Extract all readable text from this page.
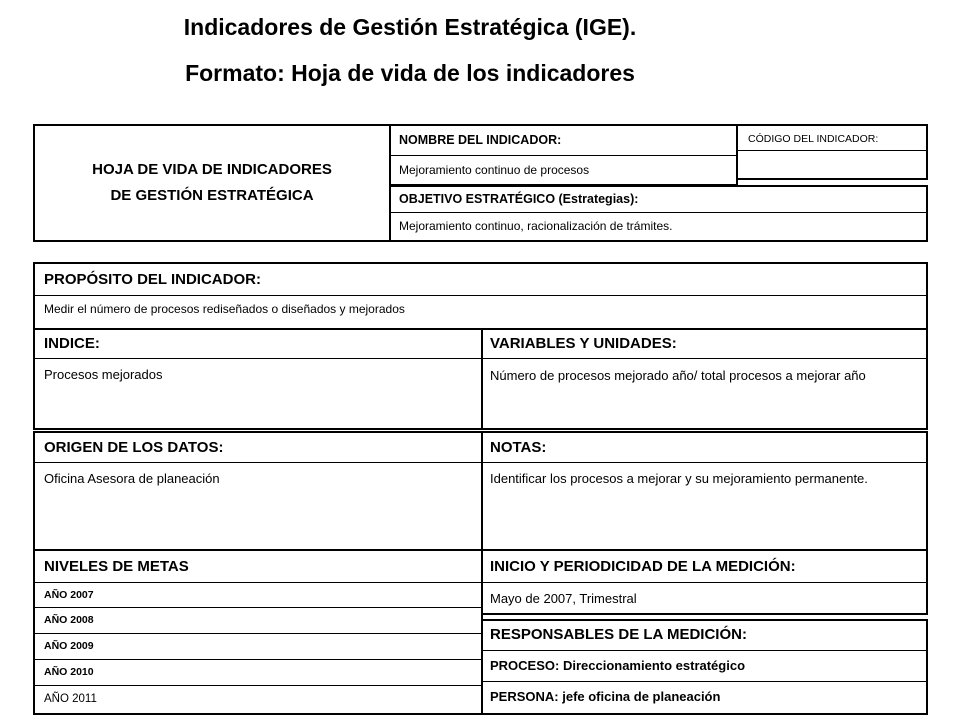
Indicadores de Gestión Estratégica (IGE).
Formato: Hoja de vida de los indicadores
HOJA DE VIDA DE INDICADORES
DE GESTIÓN ESTRATÉGICA
NOMBRE DEL INDICADOR:
Mejoramiento continuo de procesos
CÓDIGO DEL INDICADOR:
OBJETIVO ESTRATÉGICO (Estrategias):
Mejoramiento continuo, racionalización de trámites.
PROPÓSITO DEL INDICADOR:
Medir el número de procesos rediseñados o diseñados y mejorados
INDICE:
Procesos mejorados
VARIABLES Y UNIDADES:
Número de procesos mejorado año/ total procesos a mejorar año
ORIGEN DE LOS DATOS:
Oficina Asesora de planeación
NOTAS:
Identificar los procesos a mejorar y su mejoramiento permanente.
NIVELES DE METAS
AÑO 2007
AÑO 2008
AÑO 2009
AÑO 2010
AÑO 2011
INICIO Y PERIODICIDAD DE LA MEDICIÓN:
Mayo de 2007, Trimestral
RESPONSABLES DE LA MEDICIÓN:
PROCESO: Direccionamiento estratégico
PERSONA: jefe oficina de planeación
